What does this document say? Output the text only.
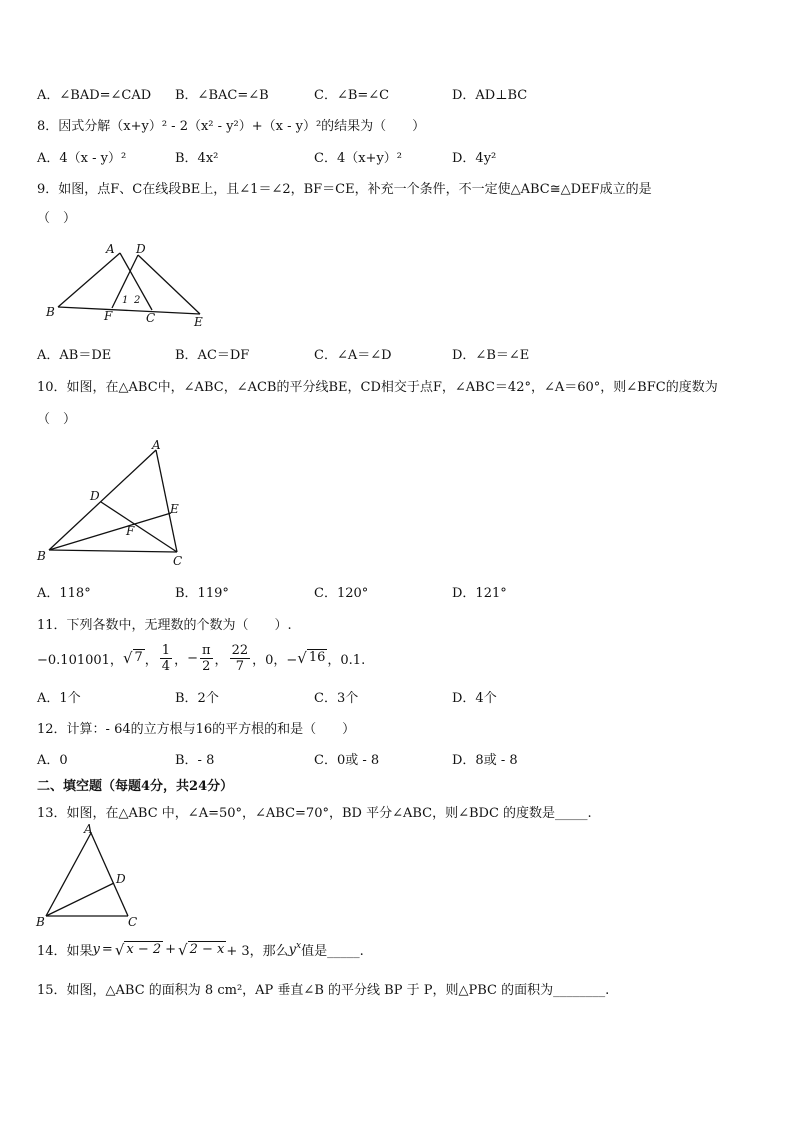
A．∠BAD=∠CAD B．∠BAC=∠B	C．∠B=∠C	D．AD⊥BC
8．因式分解（x+y）² - 2（x² - y²）+（x - y）²的结果为（　　）
A．4（x - y）²	B．4x²	C．4（x+y）²	D．4y²
9．如图，点F、C在线段BE上，且∠1＝∠2，BF＝CE，补充一个条件，不一定使△ABC≅△DEF成立的是
（　）
A D
B	F	C	E
1 2
A．AB＝DE	B．AC＝DF	C．∠A＝∠D	D．∠B＝∠E
10．如图，在△ABC中，∠ABC，∠ACB的平分线BE，CD相交于点F，∠ABC＝42°，∠A＝60°，则∠BFC的度数为
（　）
A
D
E
F
B	C
A．118°	B．119°	C．120°	D．121°
11．下列各数中，无理数的个数为（　　）.
−0.101001， √ 7 ， $\frac{1}{4}$ ， − $\frac{\pi}{2}$ ， $\frac{22}{7}$ ，0，− √ 16 ，0.1.
A．1个	B．2个	C．3个	D．4个
12．计算：- 64的立方根与16的平方根的和是（　　）
A．0	B．- 8	C．0或 - 8	D．8或 - 8
二、填空题（每题4分，共24分）
13．如图，在△ABC 中，∠A=50°，∠ABC=70°，BD 平分∠ABC，则∠BDC 的度数是_____.
A
D
B	C
14．如果 y = √ x − 2 + √ 2 − x + 3，那么 $y^x$ 值是_____.
15．如图，△ABC 的面积为 8 cm²，AP 垂直∠B 的平分线 BP 于 P，则△PBC 的面积为________.
